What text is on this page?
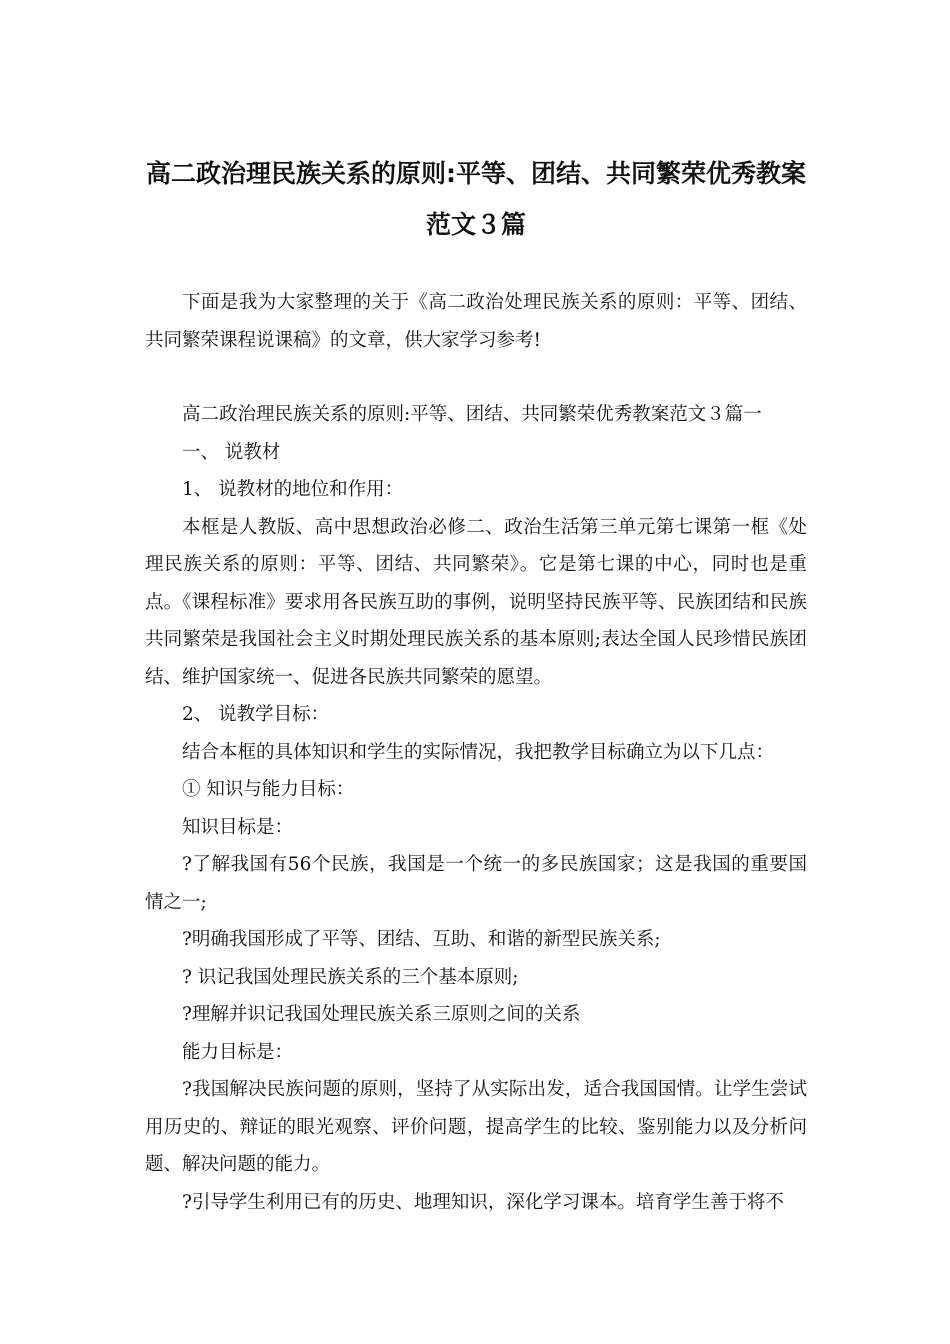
高二政治理民族关系的原则:平等、团结、共同繁荣优秀教案范文３篇

下面是我为大家整理的关于《高二政治处理民族关系的原则：平等、团结、共同繁荣课程说课稿》的文章，供大家学习参考!

高二政治理民族关系的原则:平等、团结、共同繁荣优秀教案范文３篇一

一、 说教材

1、 说教材的地位和作用：

本框是人教版、高中思想政治必修二、政治生活第三单元第七课第一框《处理民族关系的原则：平等、团结、共同繁荣》。它是第七课的中心，同时也是重点。《课程标准》要求用各民族互助的事例，说明坚持民族平等、民族团结和民族共同繁荣是我国社会主义时期处理民族关系的基本原则;表达全国人民珍惜民族团结、维护国家统一、促进各民族共同繁荣的愿望。

2、 说教学目标：

结合本框的具体知识和学生的实际情况，我把教学目标确立为以下几点：

① 知识与能力目标：

知识目标是：

?了解我国有56个民族，我国是一个统一的多民族国家；这是我国的重要国情之一;

?明确我国形成了平等、团结、互助、和谐的新型民族关系;

? 识记我国处理民族关系的三个基本原则;

?理解并识记我国处理民族关系三原则之间的关系

能力目标是：

?我国解决民族问题的原则，坚持了从实际出发，适合我国国情。让学生尝试用历史的、辩证的眼光观察、评价问题，提高学生的比较、鉴别能力以及分析问题、解决问题的能力。

?引导学生利用已有的历史、地理知识，深化学习课本。培育学生善于将不
